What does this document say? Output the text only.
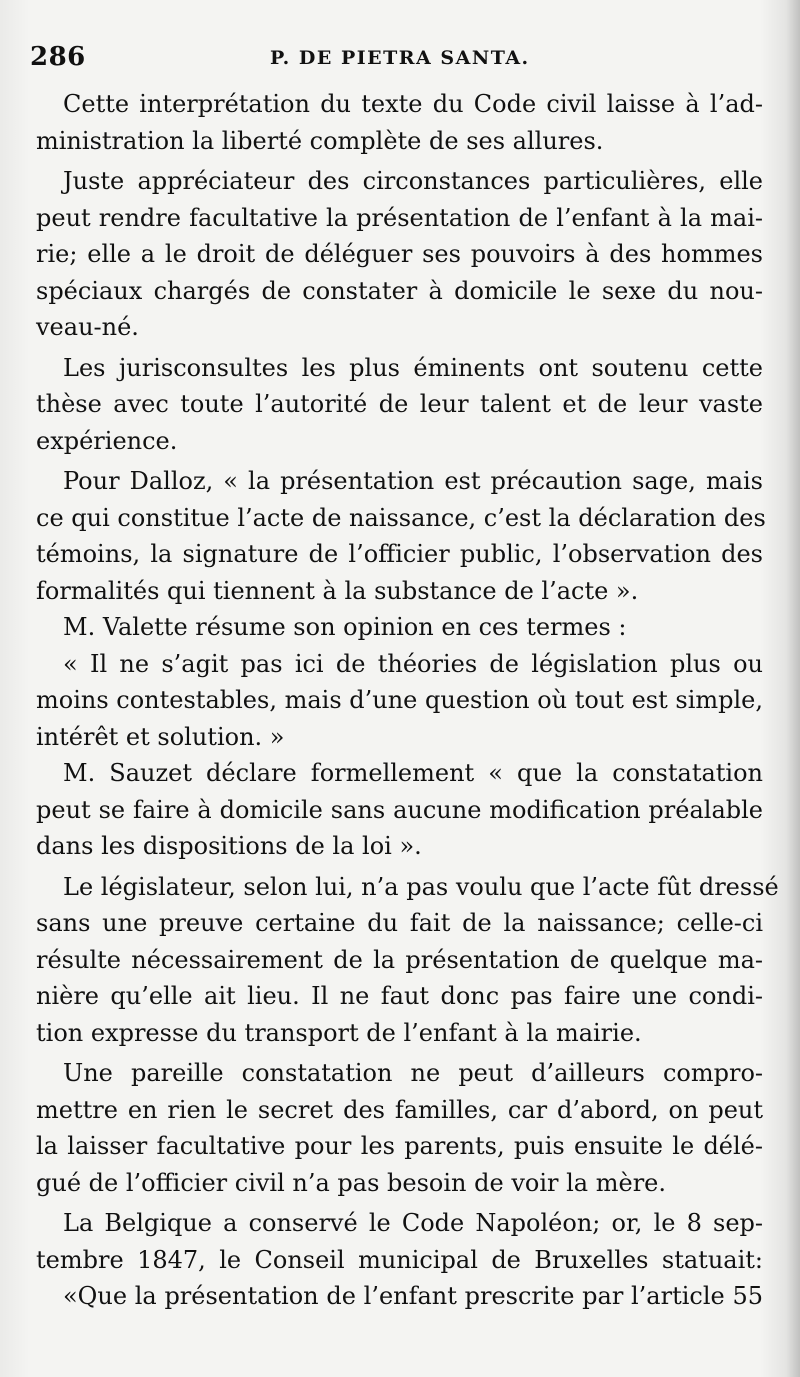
286	P. DE PIETRA SANTA.
Cette interprétation du texte du Code civil laisse à l’ad-
ministration la liberté complète de ses allures.
Juste appréciateur des circonstances particulières, elle
peut rendre facultative la présentation de l’enfant à la mai-
rie; elle a le droit de déléguer ses pouvoirs à des hommes
spéciaux chargés de constater à domicile le sexe du nou-
veau-né.
Les jurisconsultes les plus éminents ont soutenu cette
thèse avec toute l’autorité de leur talent et de leur vaste
expérience.
Pour Dalloz, « la présentation est précaution sage, mais
ce qui constitue l’acte de naissance, c’est la déclaration des
témoins, la signature de l’officier public, l’observation des
formalités qui tiennent à la substance de l’acte ».
M. Valette résume son opinion en ces termes :
« Il ne s’agit pas ici de théories de législation plus ou
moins contestables, mais d’une question où tout est simple,
intérêt et solution. »
M. Sauzet déclare formellement « que la constatation
peut se faire à domicile sans aucune modification préalable
dans les dispositions de la loi ».
Le législateur, selon lui, n’a pas voulu que l’acte fût dressé
sans une preuve certaine du fait de la naissance; celle-ci
résulte nécessairement de la présentation de quelque ma-
nière qu’elle ait lieu. Il ne faut donc pas faire une condi-
tion expresse du transport de l’enfant à la mairie.
Une pareille constatation ne peut d’ailleurs compro-
mettre en rien le secret des familles, car d’abord, on peut
la laisser facultative pour les parents, puis ensuite le délé-
gué de l’officier civil n’a pas besoin de voir la mère.
La Belgique a conservé le Code Napoléon; or, le 8 sep-
tembre 1847, le Conseil municipal de Bruxelles statuait:
«Que la présentation de l’enfant prescrite par l’article 55
